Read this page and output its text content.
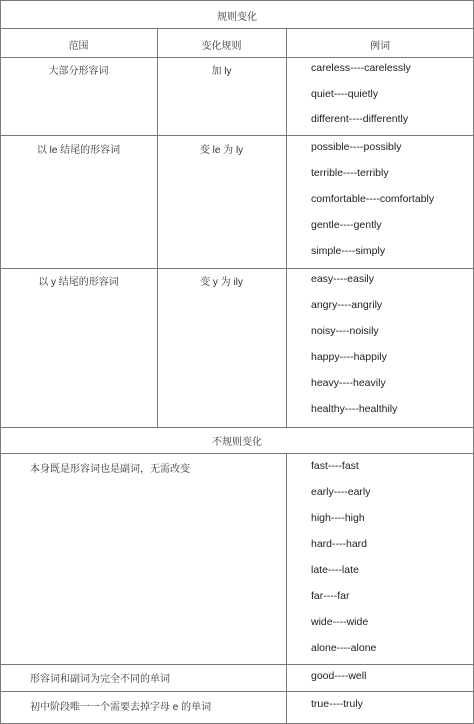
规则变化
范围	变化规则	例词
大部分形容词	加 ly	careless----carelessly
quiet----quietly
different----differently
以 le 结尾的形容词	变 le 为 ly	possible----possibly
terrible----terribly
comfortable----comfortably
gentle----gently
simple----simply
以 y 结尾的形容词	变 y 为 ily	easy----easily
angry----angrily
noisy----noisily
happy----happily
heavy----heavily
healthy----healthily
不规则变化
本身既是形容词也是副词，无需改变	fast----fast
early----early
high----high
hard----hard
late----late
far----far
wide----wide
alone----alone
形容词和副词为完全不同的单词	good----well
初中阶段唯一一个需要去掉字母 e 的单词	true----truly
